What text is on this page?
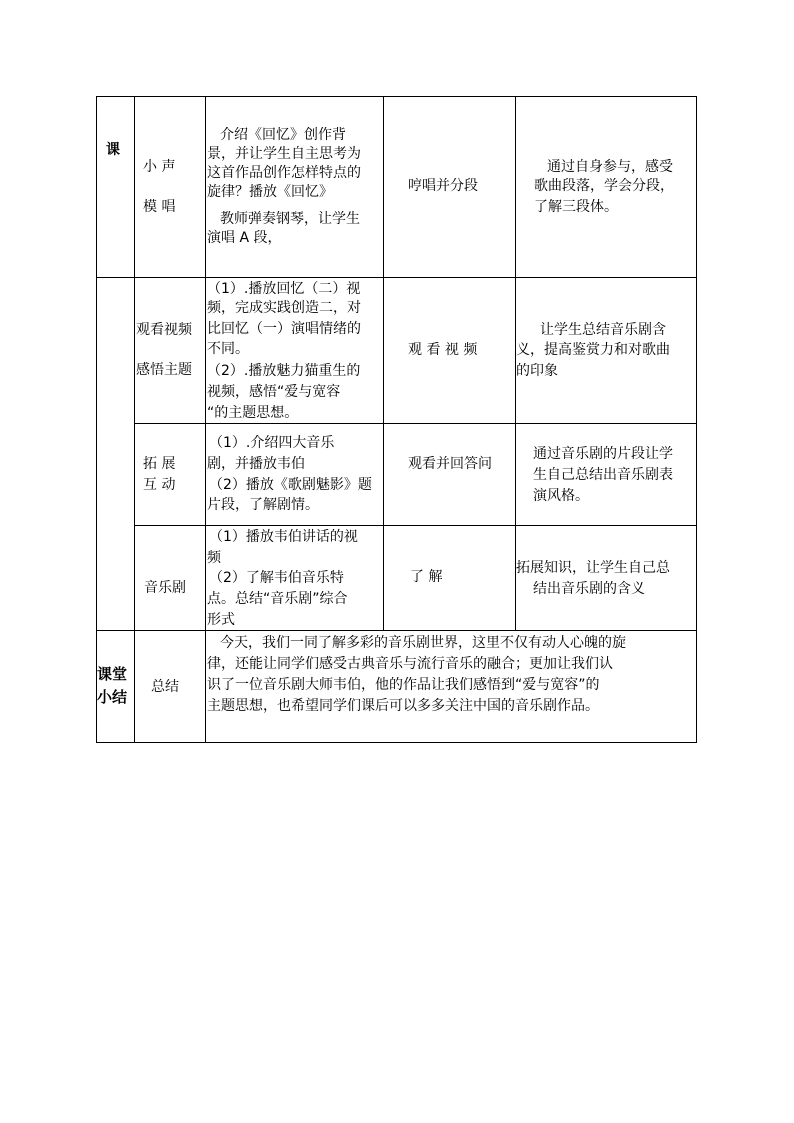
课
小 声
模 唱
介绍《回忆》创作背
景，并让学生自主思考为
这首作品创作怎样特点的
旋律？播放《回忆》
教师弹奏钢琴，让学生
演唱 A 段，
哼唱并分段
通过自身参与，感受
歌曲段落，学会分段，
了解三段体。
观看视频
感悟主题
（1）.播放回忆（二）视
频，完成实践创造二，对
比回忆（一）演唱情绪的
不同。
（2）.播放魅力猫重生的
视频，感悟“爱与宽容
“的主题思想。
观 看 视 频
让学生总结音乐剧含
义，提高鉴赏力和对歌曲
的印象
拓 展
互 动
（1）.介绍四大音乐
剧，并播放韦伯
（2）播放《歌剧魅影》题
片段，了解剧情。
观看并回答问
通过音乐剧的片段让学
生自己总结出音乐剧表
演风格。
音乐剧
（1）播放韦伯讲话的视
频
（2）了解韦伯音乐特
点。总结“音乐剧”综合
形式
了 解
拓展知识，让学生自己总
结出音乐剧的含义
课堂
小结
总结
今天，我们一同了解多彩的音乐剧世界，这里不仅有动人心魄的旋
律，还能让同学们感受古典音乐与流行音乐的融合；更加让我们认
识了一位音乐剧大师韦伯，他的作品让我们感悟到“爱与宽容”的
主题思想，也希望同学们课后可以多多关注中国的音乐剧作品。
